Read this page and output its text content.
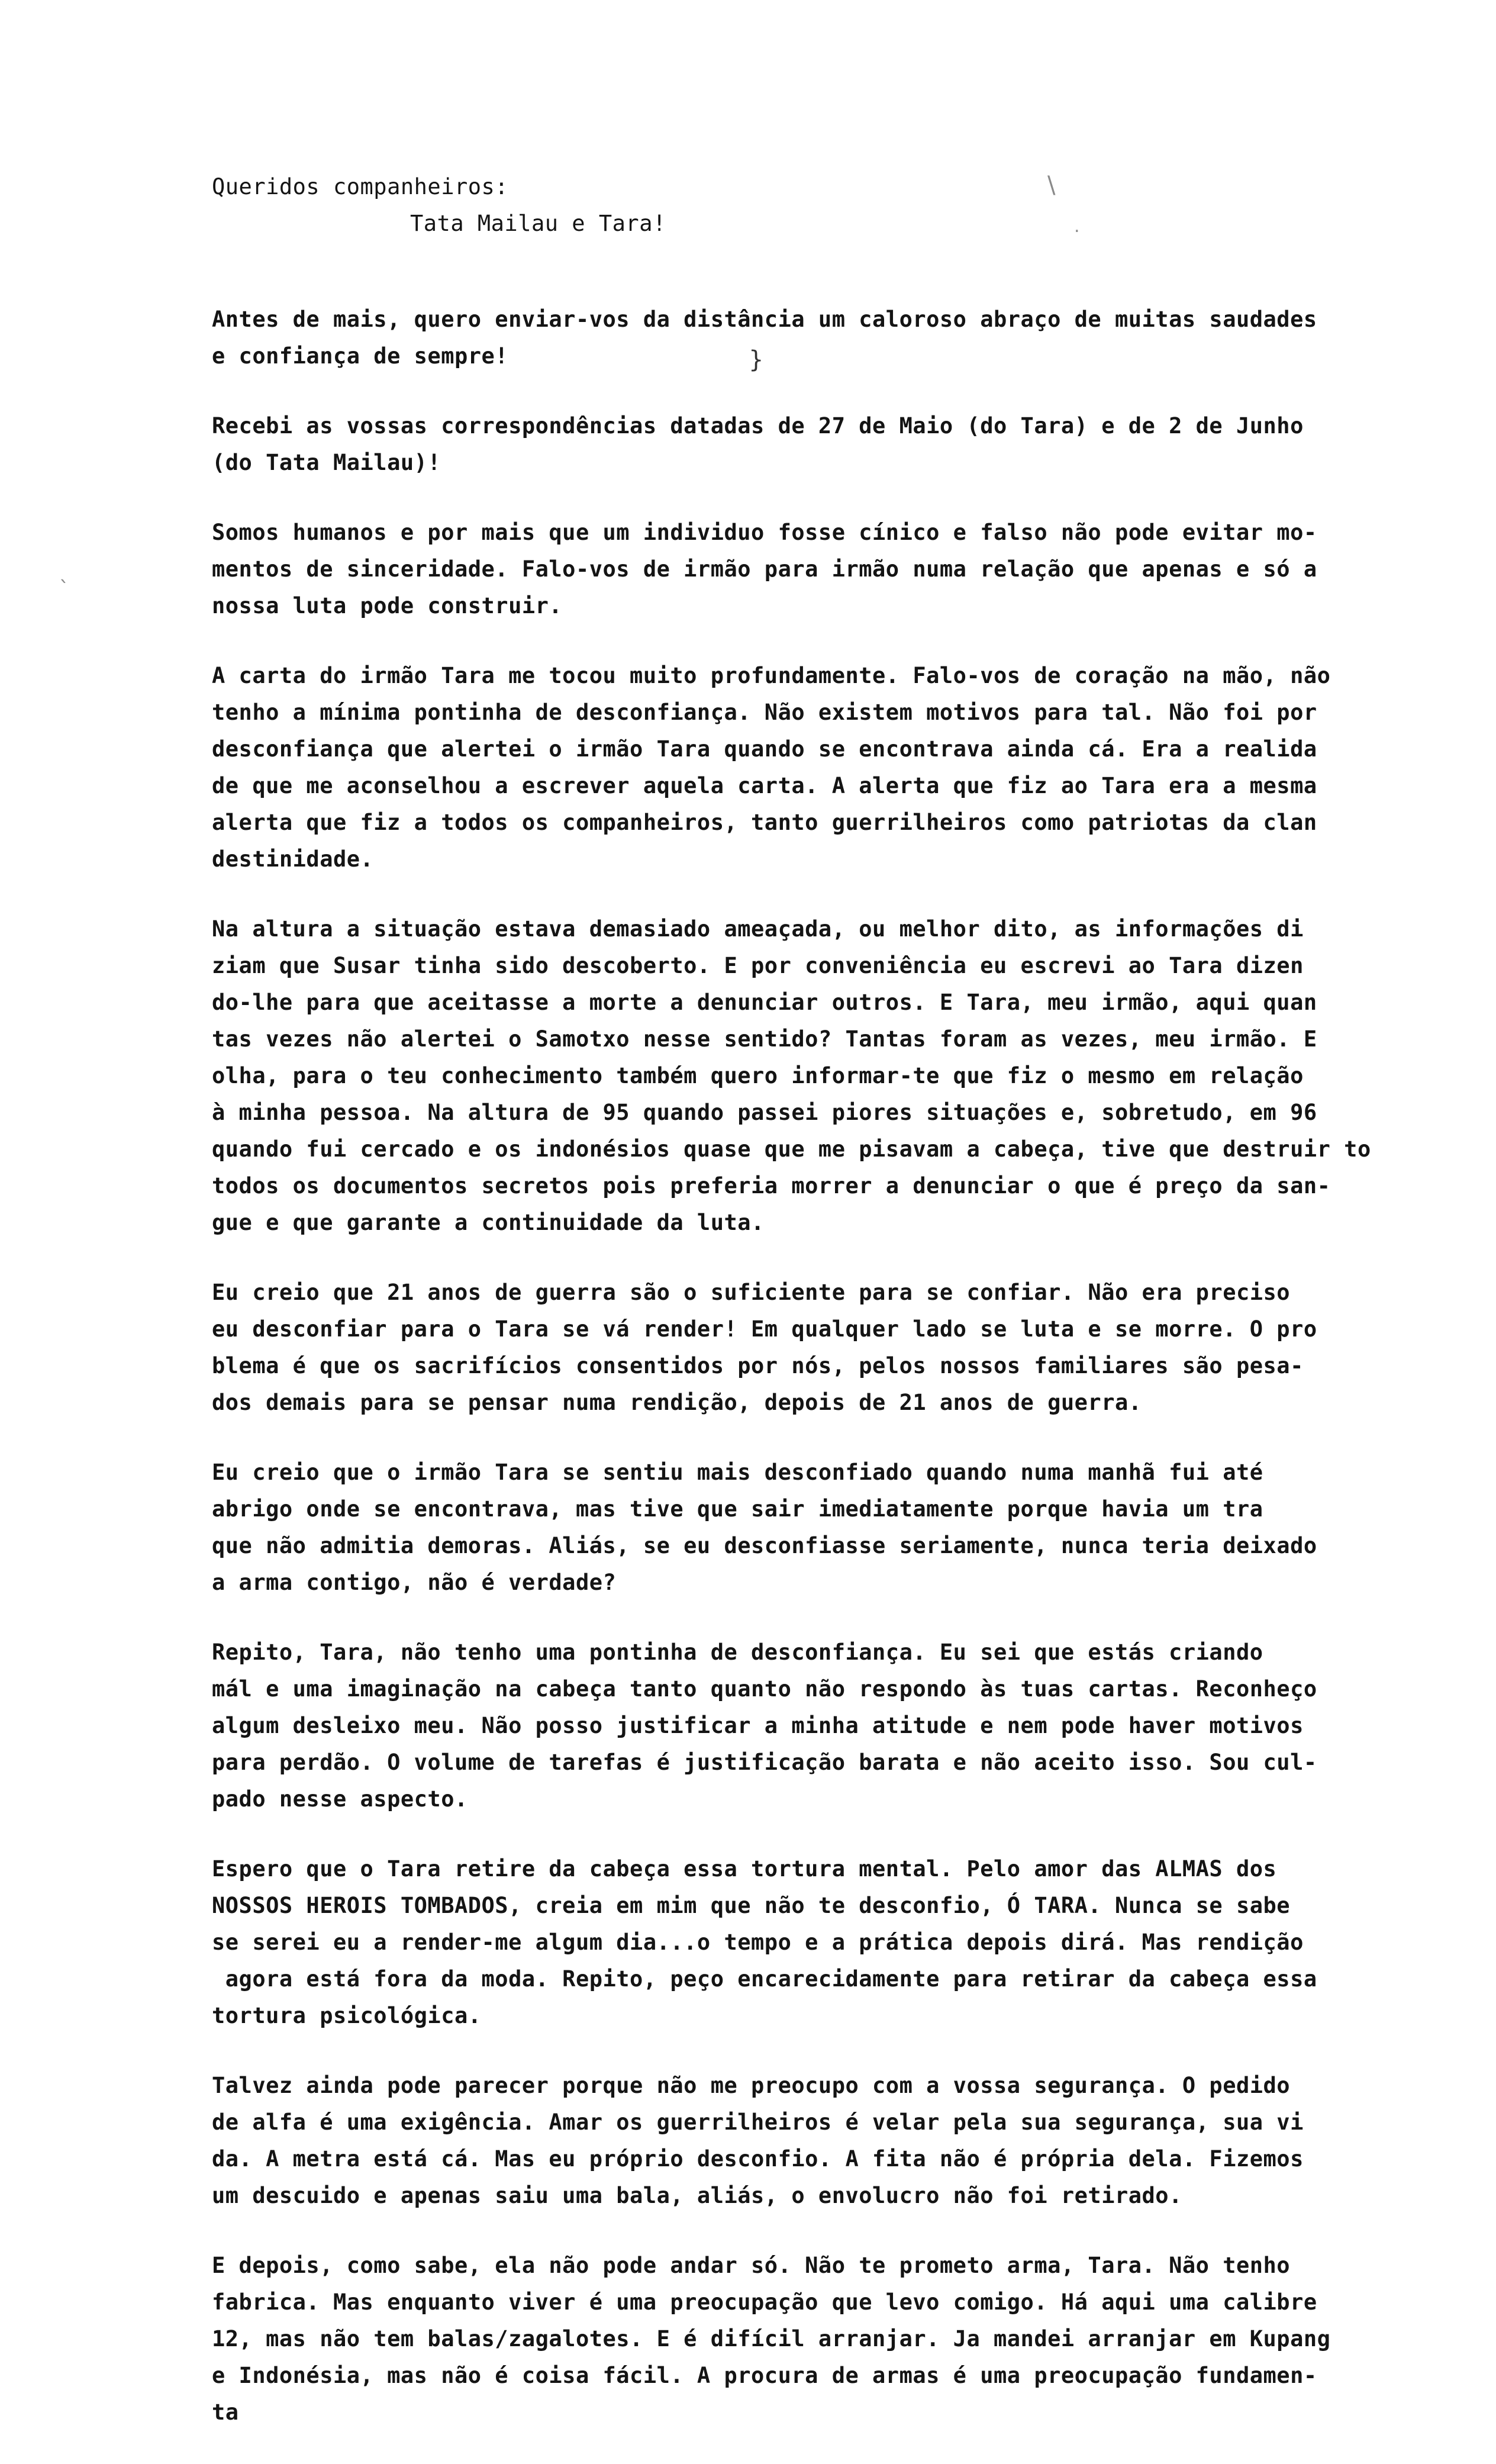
\
.
`
}

Queridos companheiros:

Tata Mailau e Tara!

Antes de mais, quero enviar-vos da distância um caloroso abraço de muitas saudades
e confiança de sempre!

Recebi as vossas correspondências datadas de 27 de Maio (do Tara) e de 2 de Junho
(do Tata Mailau)!

Somos humanos e por mais que um individuo fosse cínico e falso não pode evitar mo-
mentos de sinceridade. Falo-vos de irmão para irmão numa relação que apenas e só a
nossa luta pode construir.

A carta do irmão Tara me tocou muito profundamente. Falo-vos de coração na mão, não
tenho a mínima pontinha de desconfiança. Não existem motivos para tal. Não foi por
desconfiança que alertei o irmão Tara quando se encontrava ainda cá. Era a realida
de que me aconselhou a escrever aquela carta. A alerta que fiz ao Tara era a mesma
alerta que fiz a todos os companheiros, tanto guerrilheiros como patriotas da clan
destinidade.

Na altura a situação estava demasiado ameaçada, ou melhor dito, as informações di
ziam que Susar tinha sido descoberto. E por conveniência eu escrevi ao Tara dizen
do-lhe para que aceitasse a morte a denunciar outros. E Tara, meu irmão, aqui quan
tas vezes não alertei o Samotxo nesse sentido? Tantas foram as vezes, meu irmão. E
olha, para o teu conhecimento também quero informar-te que fiz o mesmo em relação
à minha pessoa. Na altura de 95 quando passei piores situações e, sobretudo, em 96
quando fui cercado e os indonésios quase que me pisavam a cabeça, tive que destruir to
todos os documentos secretos pois preferia morrer a denunciar o que é preço da san-
gue e que garante a continuidade da luta.

Eu creio que 21 anos de guerra são o suficiente para se confiar. Não era preciso
eu desconfiar para o Tara se vá render! Em qualquer lado se luta e se morre. O pro
blema é que os sacrifícios consentidos por nós, pelos nossos familiares são pesa-
dos demais para se pensar numa rendição, depois de 21 anos de guerra.

Eu creio que o irmão Tara se sentiu mais desconfiado quando numa manhã fui até
abrigo onde se encontrava, mas tive que sair imediatamente porque havia um tra
que não admitia demoras. Aliás, se eu desconfiasse seriamente, nunca teria deixado
a arma contigo, não é verdade?

Repito, Tara, não tenho uma pontinha de desconfiança. Eu sei que estás criando
mál e uma imaginação na cabeça tanto quanto não respondo às tuas cartas. Reconheço
algum desleixo meu. Não posso justificar a minha atitude e nem pode haver motivos
para perdão. O volume de tarefas é justificação barata e não aceito isso. Sou cul-
pado nesse aspecto.

Espero que o Tara retire da cabeça essa tortura mental. Pelo amor das ALMAS dos
NOSSOS HEROIS TOMBADOS, creia em mim que não te desconfio, Ó TARA. Nunca se sabe
se serei eu a render-me algum dia...o tempo e a prática depois dirá. Mas rendição
agora está fora da moda. Repito, peço encarecidamente para retirar da cabeça essa
tortura psicológica.

Talvez ainda pode parecer porque não me preocupo com a vossa segurança. O pedido
de alfa é uma exigência. Amar os guerrilheiros é velar pela sua segurança, sua vi
da. A metra está cá. Mas eu próprio desconfio. A fita não é própria dela. Fizemos
um descuido e apenas saiu uma bala, aliás, o envolucro não foi retirado.

E depois, como sabe, ela não pode andar só. Não te prometo arma, Tara. Não tenho
fabrica. Mas enquanto viver é uma preocupação que levo comigo. Há aqui uma calibre
12, mas não tem balas/zagalotes. E é difícil arranjar. Ja mandei arranjar em Kupang
e Indonésia, mas não é coisa fácil. A procura de armas é uma preocupação fundamen-
ta
